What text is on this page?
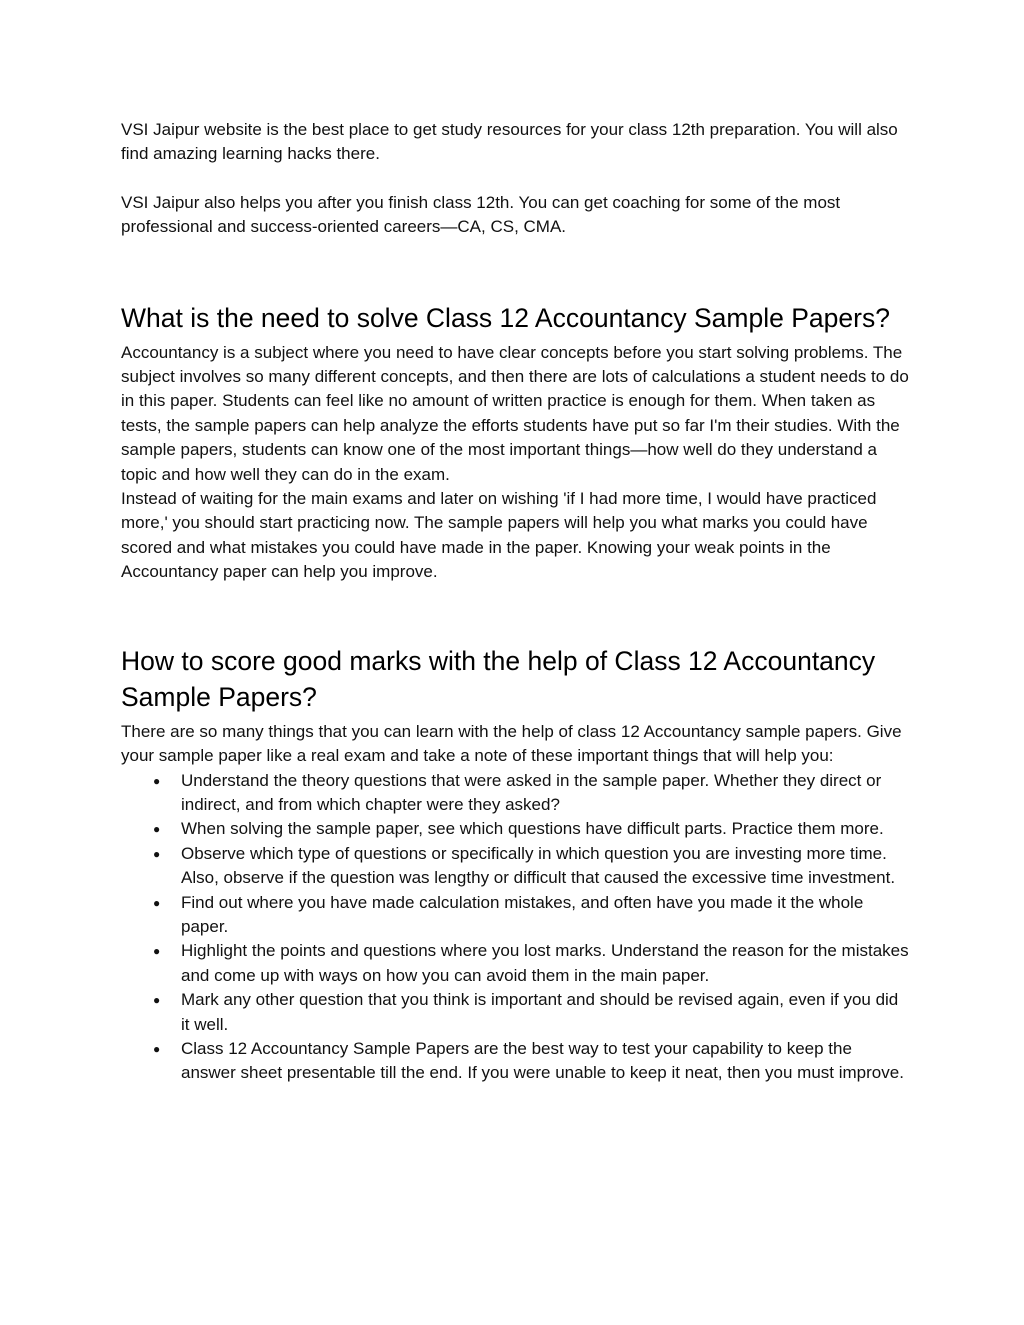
VSI Jaipur website is the best place to get study resources for your class 12th preparation. You will also find amazing learning hacks there.

VSI Jaipur also helps you after you finish class 12th. You can get coaching for some of the most professional and success-oriented careers—CA, CS, CMA.

What is the need to solve Class 12 Accountancy Sample Papers?

Accountancy is a subject where you need to have clear concepts before you start solving problems. The subject involves so many different concepts, and then there are lots of calculations a student needs to do in this paper. Students can feel like no amount of written practice is enough for them. When taken as tests, the sample papers can help analyze the efforts students have put so far I'm their studies. With the sample papers, students can know one of the most important things—how well do they understand a topic and how well they can do in the exam.

Instead of waiting for the main exams and later on wishing 'if I had more time, I would have practiced more,' you should start practicing now. The sample papers will help you what marks you could have scored and what mistakes you could have made in the paper. Knowing your weak points in the Accountancy paper can help you improve.

How to score good marks with the help of Class 12 Accountancy Sample Papers?

There are so many things that you can learn with the help of class 12 Accountancy sample papers. Give your sample paper like a real exam and take a note of these important things that will help you:

● Understand the theory questions that were asked in the sample paper. Whether they direct or indirect, and from which chapter were they asked?
● When solving the sample paper, see which questions have difficult parts. Practice them more.
● Observe which type of questions or specifically in which question you are investing more time. Also, observe if the question was lengthy or difficult that caused the excessive time investment.
● Find out where you have made calculation mistakes, and often have you made it the whole paper.
● Highlight the points and questions where you lost marks. Understand the reason for the mistakes and come up with ways on how you can avoid them in the main paper.
● Mark any other question that you think is important and should be revised again, even if you did it well.
● Class 12 Accountancy Sample Papers are the best way to test your capability to keep the answer sheet presentable till the end. If you were unable to keep it neat, then you must improve.
